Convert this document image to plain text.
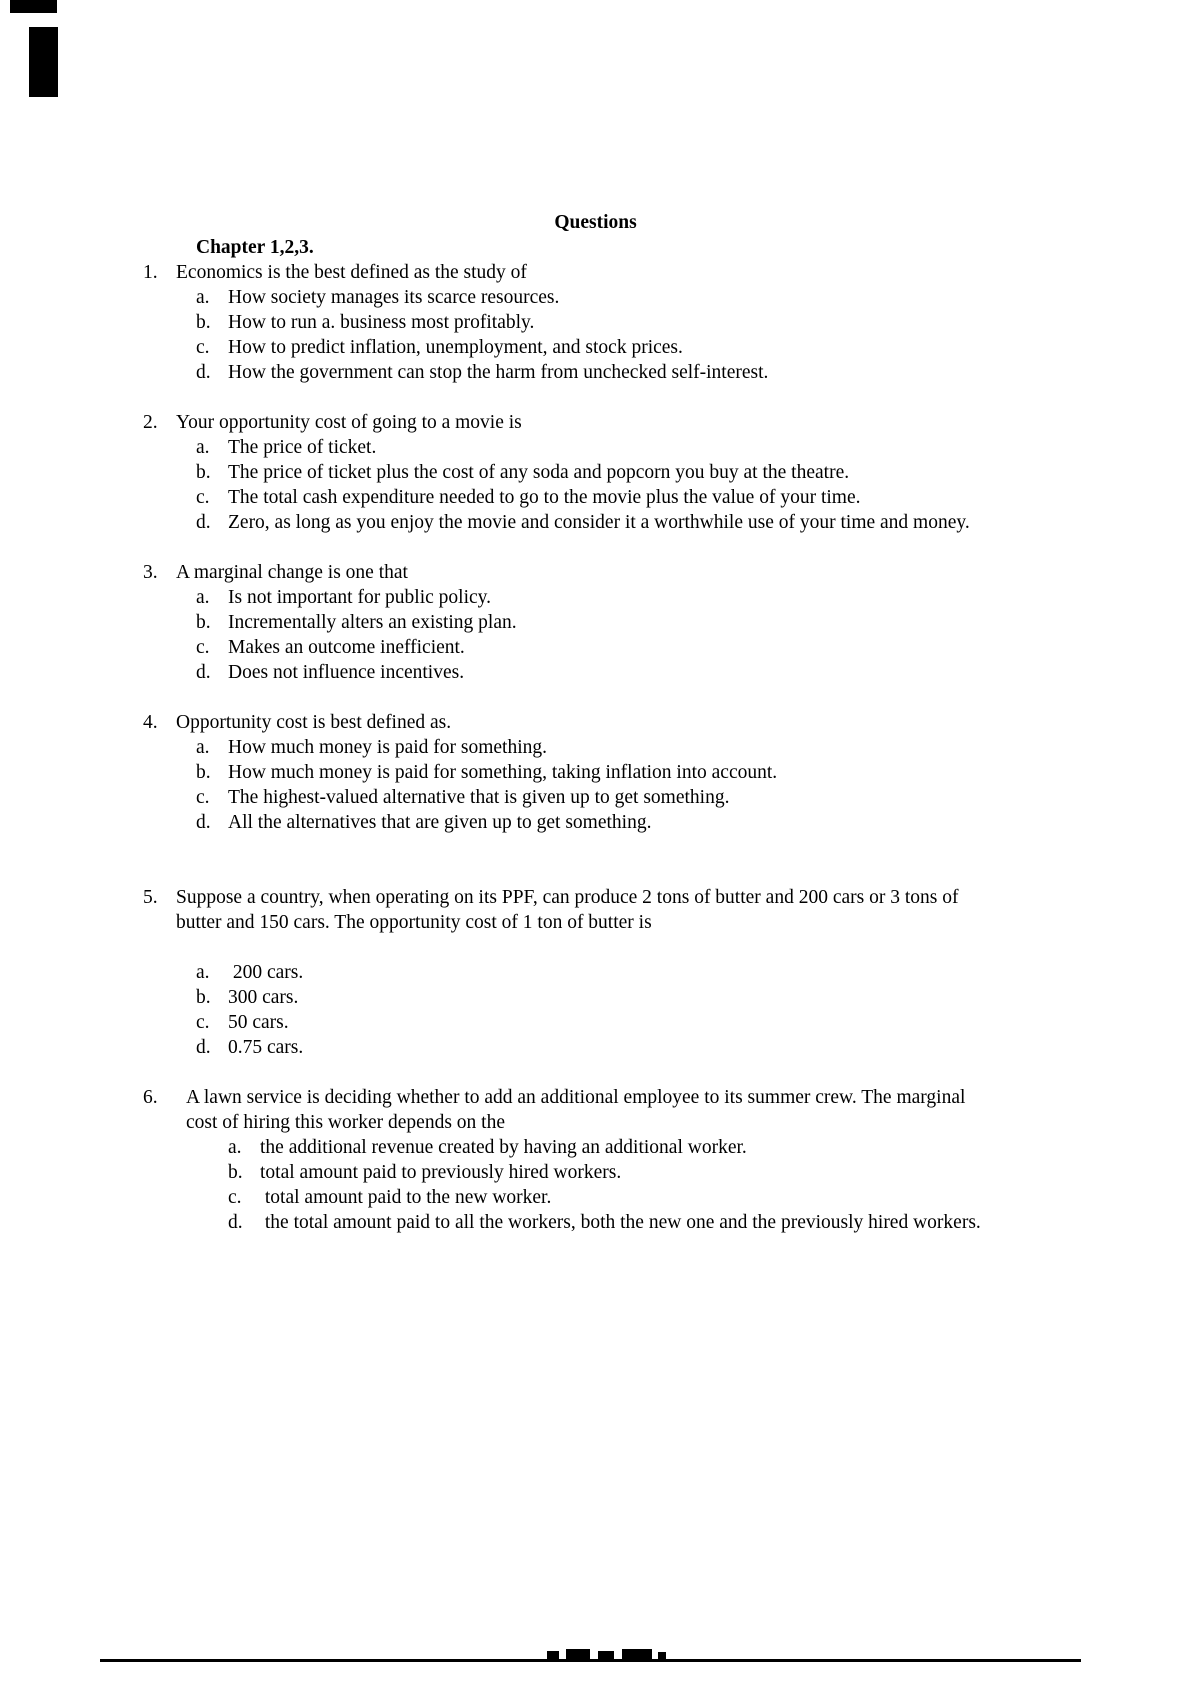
Questions
Chapter 1,2,3.
1. Economics is the best defined as the study of
a. How society manages its scarce resources.
b. How to run a. business most profitably.
c. How to predict inflation, unemployment, and stock prices.
d. How the government can stop the harm from unchecked self-interest.
2. Your opportunity cost of going to a movie is
a. The price of ticket.
b. The price of ticket plus the cost of any soda and popcorn you buy at the theatre.
c. The total cash expenditure needed to go to the movie plus the value of your time.
d. Zero, as long as you enjoy the movie and consider it a worthwhile use of your time and money.
3. A marginal change is one that
a. Is not important for public policy.
b. Incrementally alters an existing plan.
c. Makes an outcome inefficient.
d. Does not influence incentives.
4. Opportunity cost is best defined as.
a. How much money is paid for something.
b. How much money is paid for something, taking inflation into account.
c. The highest-valued alternative that is given up to get something.
d. All the alternatives that are given up to get something.
5. Suppose a country, when operating on its PPF, can produce 2 tons of butter and 200 cars or 3 tons of butter and 150 cars. The opportunity cost of 1 ton of butter is
a. 200 cars.
b. 300 cars.
c. 50 cars.
d. 0.75 cars.
6.	A lawn service is deciding whether to add an additional employee to its summer crew. The marginal cost of hiring this worker depends on the
a. the additional revenue created by having an additional worker.
b. total amount paid to previously hired workers.
c. total amount paid to the new worker.
d. the total amount paid to all the workers, both the new one and the previously hired workers.
